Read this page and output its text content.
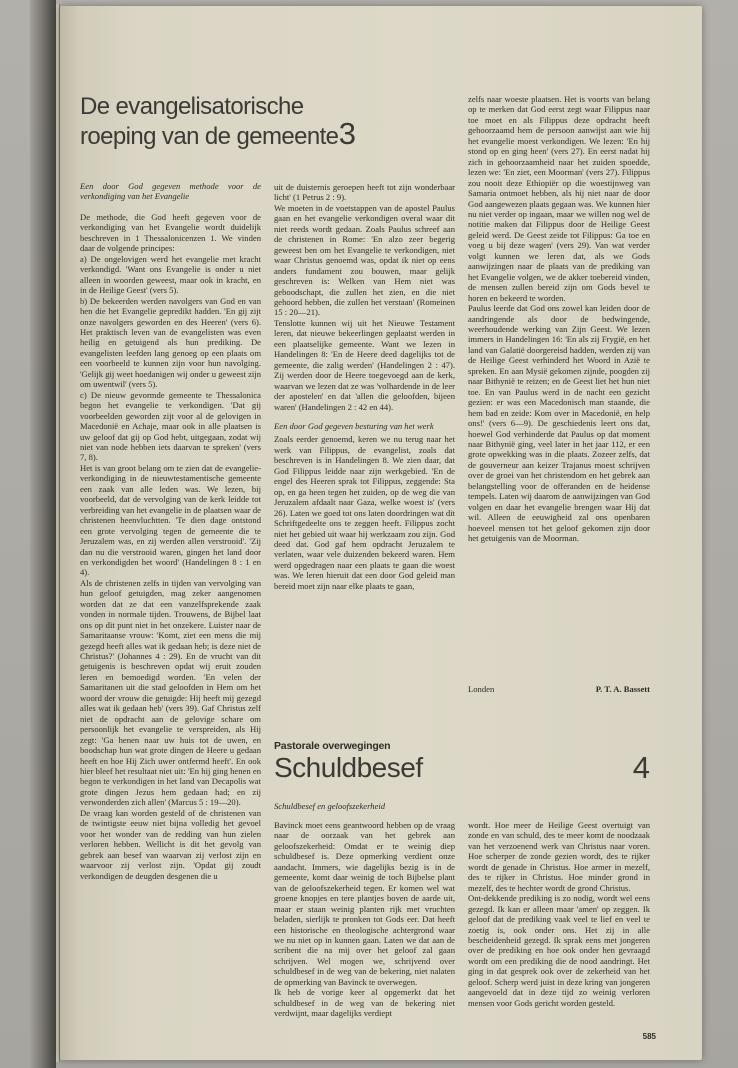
De evangelisatorische
roeping van de gemeente 3
Een door God gegeven methode voor de verkondiging van het Evangelie

De methode, die God heeft gegeven voor de verkondiging van het Evangelie wordt duidelijk beschreven in 1 Thessalonicenzen 1. We vinden daar de volgende principes:

a) De ongelovigen werd het evangelie met kracht verkondigd. 'Want ons Evangelie is onder u niet alleen in woorden geweest, maar ook in kracht, en in de Heilige Geest' (vers 5).

b) De bekeerden werden navolgers van God en van hen die het Evangelie gepredikt hadden. 'En gij zijt onze navolgers geworden en des Heeren' (vers 6). Het praktisch leven van de evangelisten was even heilig en getuigend als hun prediking. De evangelisten leefden lang genoeg op een plaats om een voorbeeld te kunnen zijn voor hun navolging. 'Gelijk gij weet hoedanigen wij onder u geweest zijn om uwentwil' (vers 5).

c) De nieuw gevormde gemeente te Thessalonica begon het evangelie te verkondigen. 'Dat gij voorbeelden geworden zijt voor al de gelovigen in Macedonië en Achaje, maar ook in alle plaatsen is uw geloof dat gij op God hebt, uitgegaan, zodat wij niet van node hebben iets daarvan te spreken' (vers 7, 8).

Het is van groot belang om te zien dat de evangelie-verkondiging in de nieuwtestamentische gemeente een zaak van alle leden was. We lezen, bij voorbeeld, dat de vervolging van de kerk leidde tot verbreiding van het evangelie in de plaatsen waar de christenen heenvluchtten. 'Te dien dage ontstond een grote vervolging tegen de gemeente die te Jeruzalem was, en zij werden allen verstrooid'. 'Zij dan nu die verstrooid waren, gingen het land door en verkondigden het woord' (Handelingen 8 : 1 en 4).

Als de christenen zelfs in tijden van vervolging van hun geloof getuigden, mag zeker aangenomen worden dat ze dat een vanzelfsprekende zaak vonden in normale tijden. Trouwens, de Bijbel laat ons op dit punt niet in het onzekere. Luister naar de Samaritaanse vrouw: 'Komt, ziet een mens die mij gezegd heeft alles wat ik gedaan heb; is deze niet de Christus?' (Johannes 4 : 29). En de vrucht van dit getuigenis is beschreven opdat wij eruit zouden leren en bemoedigd worden. 'En velen der Samaritanen uit die stad geloofden in Hem om het woord der vrouw die getuigde: Hij heeft mij gezegd alles wat ik gedaan heb' (vers 39). Gaf Christus zelf niet de opdracht aan de gelovige schare om persoonlijk het evangelie te verspreiden, als Hij zegt: 'Ga henen naar uw huis tot de uwen, en boodschap hun wat grote dingen de Heere u gedaan heeft en hoe Hij Zich uwer ontfermd heeft'. En ook hier bleef het resultaat niet uit: 'En hij ging henen en begon te verkondigen in het land van Decapolis wat grote dingen Jezus hem gedaan had; en zij verwonderden zich allen' (Marcus 5 : 19—20).

De vraag kan worden gesteld of de christenen van de twintigste eeuw niet bijna volledig het gevoel voor het wonder van de redding van hun zielen verloren hebben. Wellicht is dit het gevolg van gebrek aan besef van waarvan zij verlost zijn en waarvoor zij verlost zijn. 'Opdat gij zoudt verkondigen de deugden desgenen die u

uit de duisternis geroepen heeft tot zijn wonderbaar licht' (1 Petrus 2 : 9).

We moeten in de voetstappen van de apostel Paulus gaan en het evangelie verkondigen overal waar dit niet reeds wordt gedaan. Zoals Paulus schreef aan de christenen in Rome: 'En alzo zeer begerig geweest ben om het Evangelie te verkondigen, niet waar Christus genoemd was, opdat ik niet op eens anders fundament zou bouwen, maar gelijk geschreven is: Welken van Hem niet was geboodschapt, die zullen het zien, en die niet gehoord hebben, die zullen het verstaan' (Romeinen 15 : 20—21).

Tenslotte kunnen wij uit het Nieuwe Testament leren, dat nieuwe bekeerlingen geplaatst werden in een plaatselijke gemeente. Want we lezen in Handelingen 8: 'En de Heere deed dagelijks tot de gemeente, die zalig werden' (Handelingen 2 : 47). Zij werden door de Heere toegevoegd aan de kerk, waarvan we lezen dat ze was 'volhardende in de leer der apostelen' en dat 'allen die geloofden, bijeen waren' (Handelingen 2 : 42 en 44).

Een door God gegeven besturing van het werk

Zoals eerder genoemd, keren we nu terug naar het werk van Filippus, de evangelist, zoals dat beschreven is in Handelingen 8. We zien daar, dat God Filippus leidde naar zijn werkgebied. 'En de engel des Heeren sprak tot Filippus, zeggende: Sta op, en ga heen tegen het zuiden, op de weg die van Jeruzalem afdaalt naar Gaza, welke woest is' (vers 26). Laten we goed tot ons laten doordringen wat dit Schriftgedeelte ons te zeggen heeft. Filippus zocht niet het gebied uit waar hij werkzaam zou zijn. God deed dat. God gaf hem opdracht Jeruzalem te verlaten, waar vele duizenden bekeerd waren. Hem werd opgedragen naar een plaats te gaan die woest was. We leren hieruit dat een door God geleid man bereid moet zijn naar elke plaats te gaan,

zelfs naar woeste plaatsen. Het is voorts van belang op te merken dat God eerst zegt waar Filippus naar toe moet en als Filippus deze opdracht heeft gehoorzaamd hem de persoon aanwijst aan wie hij het evangelie moest verkondigen. We lezen: 'En hij stond op en ging heen' (vers 27). En eerst nadat hij zich in gehoorzaamheid naar het zuiden spoedde, lezen we: 'En ziet, een Moorman' (vers 27). Filippus zou nooit deze Ethiopiër op die woestijnweg van Samaria ontmoet hebben, als hij niet naar de door God aangewezen plaats gegaan was. We kunnen hier nu niet verder op ingaan, maar we willen nog wel de notitie maken dat Filippus door de Heilige Geest geleid werd. De Geest zeide tot Filippus: Ga toe en voeg u bij deze wagen' (vers 29). Van wat verder volgt kunnen we leren dat, als we Gods aanwijzingen naar de plaats van de prediking van het Evangelie volgen, we de akker toebereid vinden, de mensen zullen bereid zijn om Gods bevel te horen en bekeerd te worden.

Paulus leerde dat God ons zowel kan leiden door de aandringende als door de bedwingende, weerhoudende werking van Zijn Geest. We lezen immers in Handelingen 16: 'En als zij Frygië, en het land van Galatië doorgereisd hadden, werden zij van de Heilige Geest verhinderd het Woord in Azië te spreken. En aan Mysië gekomen zijnde, poogden zij naar Bithynië te reizen; en de Geest liet het hun niet toe. En van Paulus werd in de nacht een gezicht gezien: er was een Macedonisch man staande, die hem bad en zeide: Kom over in Macedonië, en help ons!' (vers 6—9). De geschiedenis leert ons dat, hoewel God verhinderde dat Paulus op dat moment naar Bithynië ging, veel later in het jaar 112, er een grote opwekking was in die plaats. Zozeer zelfs, dat de gouverneur aan keizer Trajanus moest schrijven over de groei van het christendom en het gebrek aan belangstelling voor de offeranden en de heidense tempels. Laten wij daarom de aanwijzingen van God volgen en daar het evangelie brengen waar Hij dat wil. Alleen de eeuwigheid zal ons openbaren hoeveel mensen tot het geloof gekomen zijn door het getuigenis van de Moorman.

Londen	P. T. A. Bassett
Pastorale overwegingen
Schuldbesef	4
Schuldbesef en geloofszekerheid

Bavinck moet eens geantwoord hebben op de vraag naar de oorzaak van het gebrek aan geloofszekerheid: Omdat er te weinig diep schuldbesef is. Deze opmerking verdient onze aandacht. Immers, wie dagelijks bezig is in de gemeente, komt daar weinig de toch Bijbelse plant van de geloofszekerheid tegen. Er komen wel wat groene knopjes en tere plantjes boven de aarde uit, maar er staan weinig planten rijk met vruchten beladen, sierlijk te pronken tot Gods eer. Dat heeft een historische en theologische achtergrond waar we nu niet op in kunnen gaan. Laten we dat aan de scribent die na mij over het geloof zal gaan schrijven. Wel mogen we, schrijvend over schuldbesef in de weg van de bekering, niet nalaten de opmerking van Bavinck te overwegen.

Ik heb de vorige keer al opgemerkt dat het schuldbesef in de weg van de bekering niet verdwijnt, maar dagelijks verdiept

wordt. Hoe meer de Heilige Geest overtuigt van zonde en van schuld, des te meer komt de noodzaak van het verzoenend werk van Christus naar voren. Hoe scherper de zonde gezien wordt, des te rijker wordt de genade in Christus. Hoe armer in mezelf, des te rijker in Christus. Hoe minder grond in mezelf, des te hechter wordt de grond Christus.

Ont-dekkende prediking is zo nodig, wordt wel eens gezegd. Ik kan er alleen maar 'amen' op zeggen. Ik geloof dat de prediking vaak veel te lief en veel te zoetig is, ook onder ons. Het zij in alle bescheidenheid gezegd. Ik sprak eens met jongeren over de prediking en hoe ook onder hen gevraagd wordt om een prediking die de nood aandringt. Het ging in dat gesprek ook over de zekerheid van het geloof. Scherp werd juist in deze kring van jongeren aangevoeld dat in deze tijd zo weinig verloren mensen voor Gods gericht worden gesteld.

585
